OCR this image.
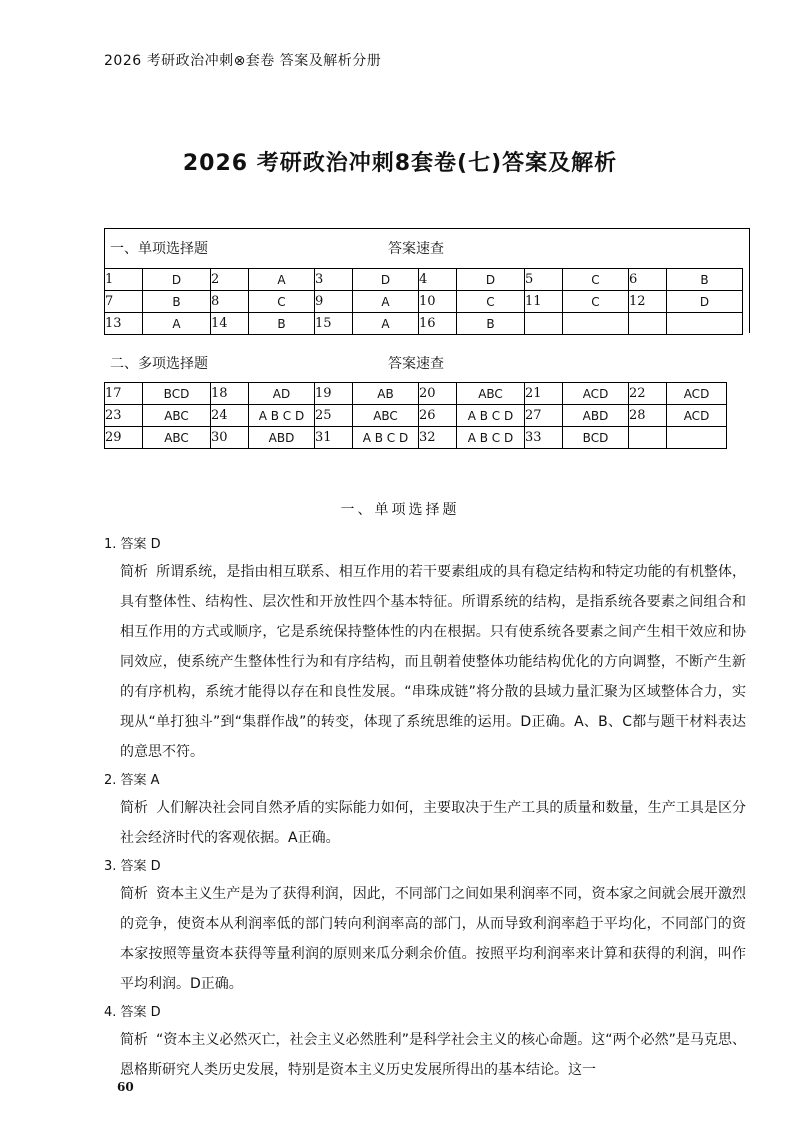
2026 考研政治冲刺⊗套卷 答案及解析分册
2026 考研政治冲刺8套卷(七)答案及解析
一、单项选择题	答案速查
1	D	2	A	3	D	4	D	5	C	6	B
7	B	8	C	9	A	10	C	11	C	12	D
13	A	14	B	15	A	16	B				
二、多项选择题	答案速查
17	BCD	18	AD	19	AB	20	ABC	21	ACD	22	ACD
23	ABC	24	A B C D	25	ABC	26	A B C D	27	ABD	28	ACD
29	ABC	30	ABD	31	A B C D	32	A B C D	33	BCD		
一、单项选择题

1. 答案 D

简析 所谓系统，是指由相互联系、相互作用的若干要素组成的具有稳定结构和特定功能的有机整体，具有整体性、结构性、层次性和开放性四个基本特征。所谓系统的结构，是指系统各要素之间组合和相互作用的方式或顺序，它是系统保持整体性的内在根据。只有使系统各要素之间产生相干效应和协同效应，使系统产生整体性行为和有序结构，而且朝着使整体功能结构优化的方向调整，不断产生新的有序机构，系统才能得以存在和良性发展。“串珠成链”将分散的县域力量汇聚为区域整体合力，实现从“单打独斗”到“集群作战”的转变，体现了系统思维的运用。D正确。A、B、C都与题干材料表达的意思不符。

2. 答案 A

简析 人们解决社会同自然矛盾的实际能力如何，主要取决于生产工具的质量和数量，生产工具是区分社会经济时代的客观依据。A正确。

3. 答案 D

简析 资本主义生产是为了获得利润，因此，不同部门之间如果利润率不同，资本家之间就会展开激烈的竞争，使资本从利润率低的部门转向利润率高的部门，从而导致利润率趋于平均化，不同部门的资本家按照等量资本获得等量利润的原则来瓜分剩余价值。按照平均利润率来计算和获得的利润，叫作平均利润。D正确。

4. 答案 D

简析 “资本主义必然灭亡，社会主义必然胜利”是科学社会主义的核心命题。这“两个必然”是马克思、恩格斯研究人类历史发展，特别是资本主义历史发展所得出的基本结论。这一

60
